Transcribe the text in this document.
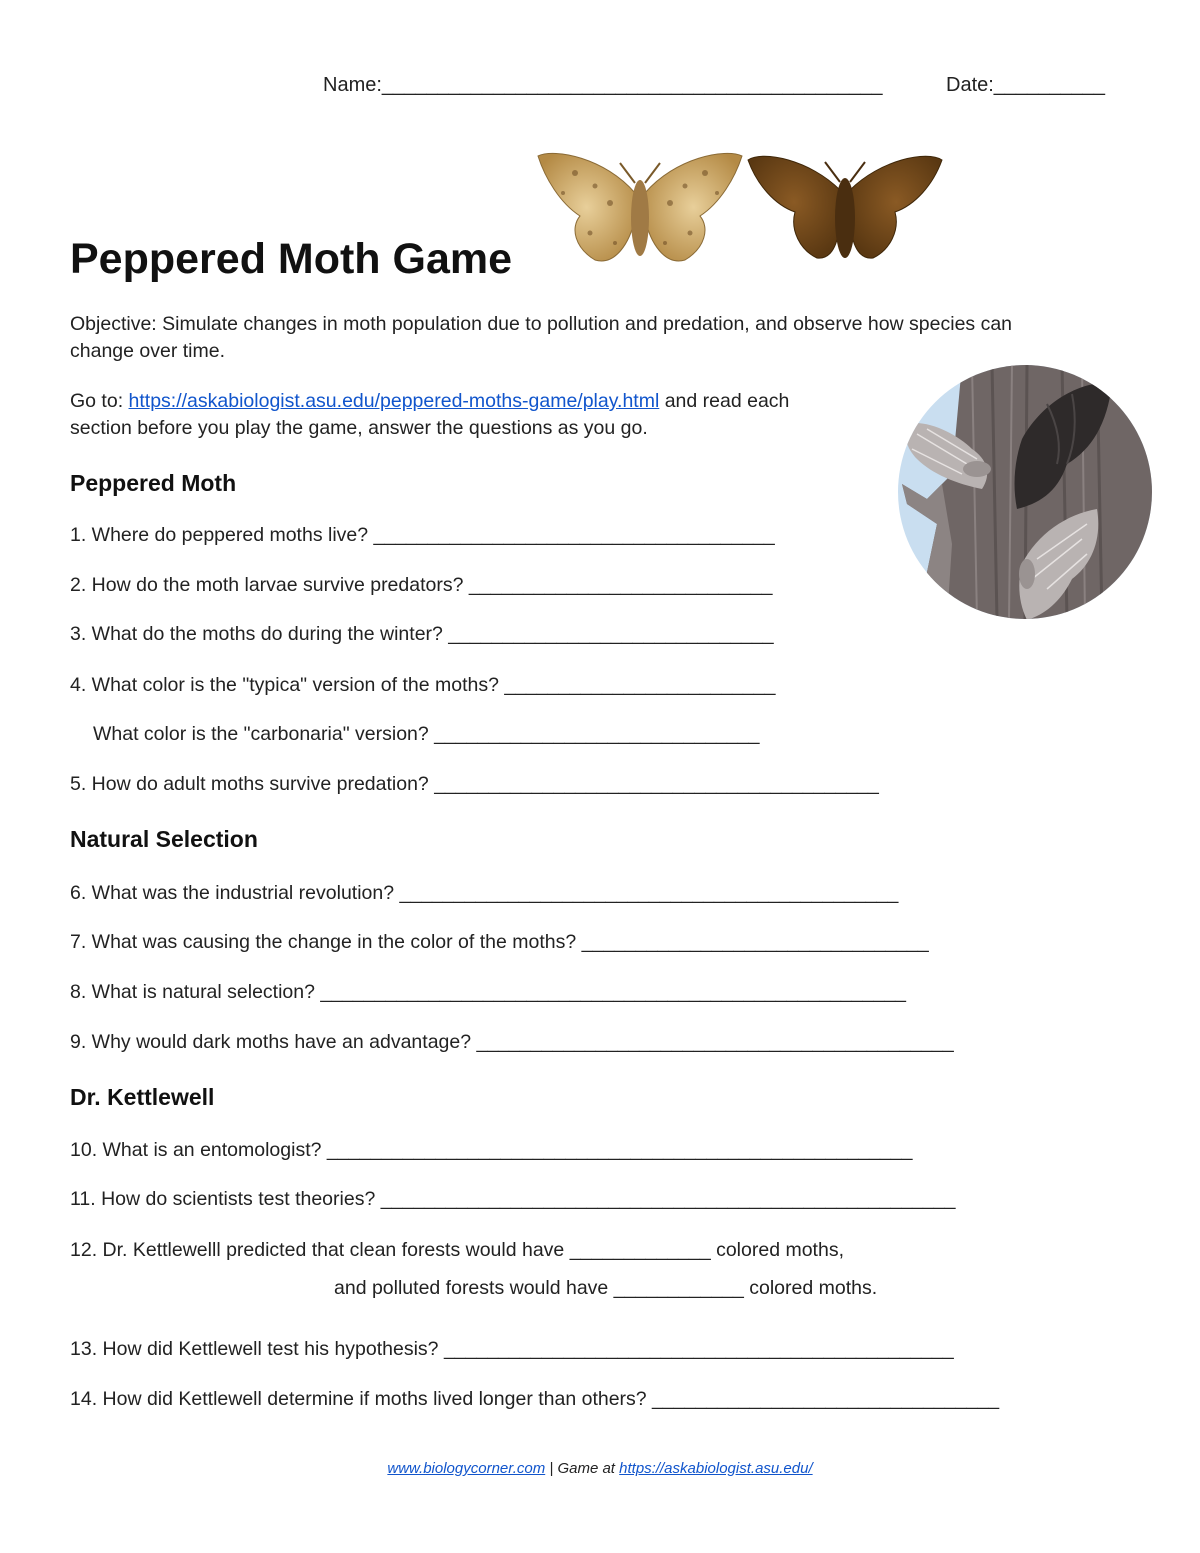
Name:_____________________________________________	Date:__________
Peppered Moth Game
Objective: Simulate changes in moth population due to pollution and predation, and observe how species can
change over time.
Go to: https://askabiologist.asu.edu/peppered-moths-game/play.html and read each
section before you play the game, answer the questions as you go.
Peppered Moth
1. Where do peppered moths live? _____________________________________
2. How do the moth larvae survive predators? ____________________________
3. What do the moths do during the winter? ______________________________
4. What color is the "typica" version of the moths? _________________________
What color is the "carbonaria" version? ______________________________
5. How do adult moths survive predation? _________________________________________
Natural Selection
6. What was the industrial revolution? ______________________________________________
7. What was causing the change in the color of the moths? ________________________________
8. What is natural selection? ______________________________________________________
9. Why would dark moths have an advantage? ____________________________________________
Dr. Kettlewell
10. What is an entomologist? ______________________________________________________
11. How do scientists test theories? _____________________________________________________
12. Dr. Kettlewelll predicted that clean forests would have _____________ colored moths,
and polluted forests would have ____________ colored moths.
13. How did Kettlewell test his hypothesis? _______________________________________________
14. How did Kettlewell determine if moths lived longer than others? ________________________________
www.biologycorner.com | Game at https://askabiologist.asu.edu/
